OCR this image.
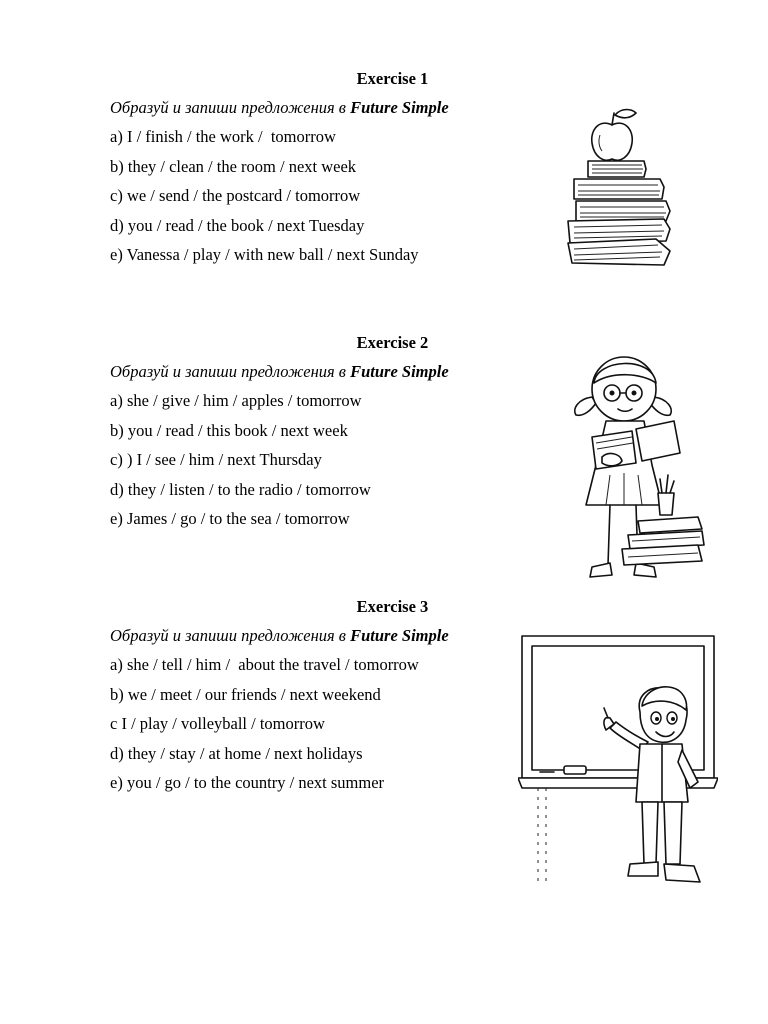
Exercise 1
Образуй и запиши предложения в Future Simple
a) I / finish / the work /  tomorrow
b) they / clean / the room / next week
c) we / send / the postcard / tomorrow
d) you / read / the book / next Tuesday
e) Vanessa / play / with new ball / next Sunday
Exercise 2
Образуй и запиши предложения в Future Simple
a) she / give / him / apples / tomorrow
b) you / read / this book / next week
c) ) I / see / him / next Thursday
d) they / listen / to the radio / tomorrow
e) James / go / to the sea / tomorrow
Exercise 3
Образуй и запиши предложения в Future Simple
a) she / tell / him /  about the travel / tomorrow
b) we / meet / our friends / next weekend
c I / play / volleyball / tomorrow
d) they / stay / at home / next holidays
e) you / go / to the country / next summer
